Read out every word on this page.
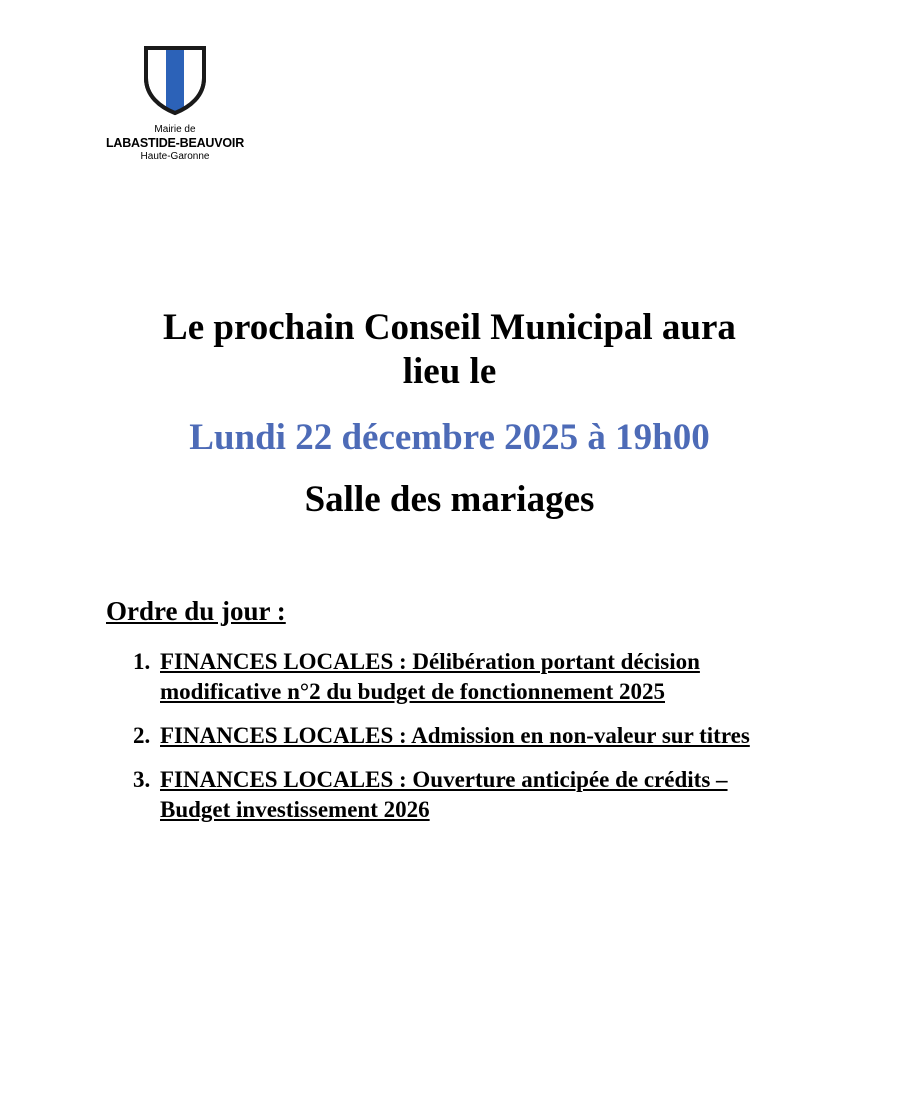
Mairie de
LABASTIDE-BEAUVOIR
Haute-Garonne
Le prochain Conseil Municipal aura
lieu le
Lundi 22 décembre 2025 à 19h00
Salle des mariages
Ordre du jour :
1. FINANCES LOCALES : Délibération portant décision modificative n°2 du budget de fonctionnement 2025
2. FINANCES LOCALES : Admission en non-valeur sur titres
3. FINANCES LOCALES : Ouverture anticipée de crédits – Budget investissement 2026
